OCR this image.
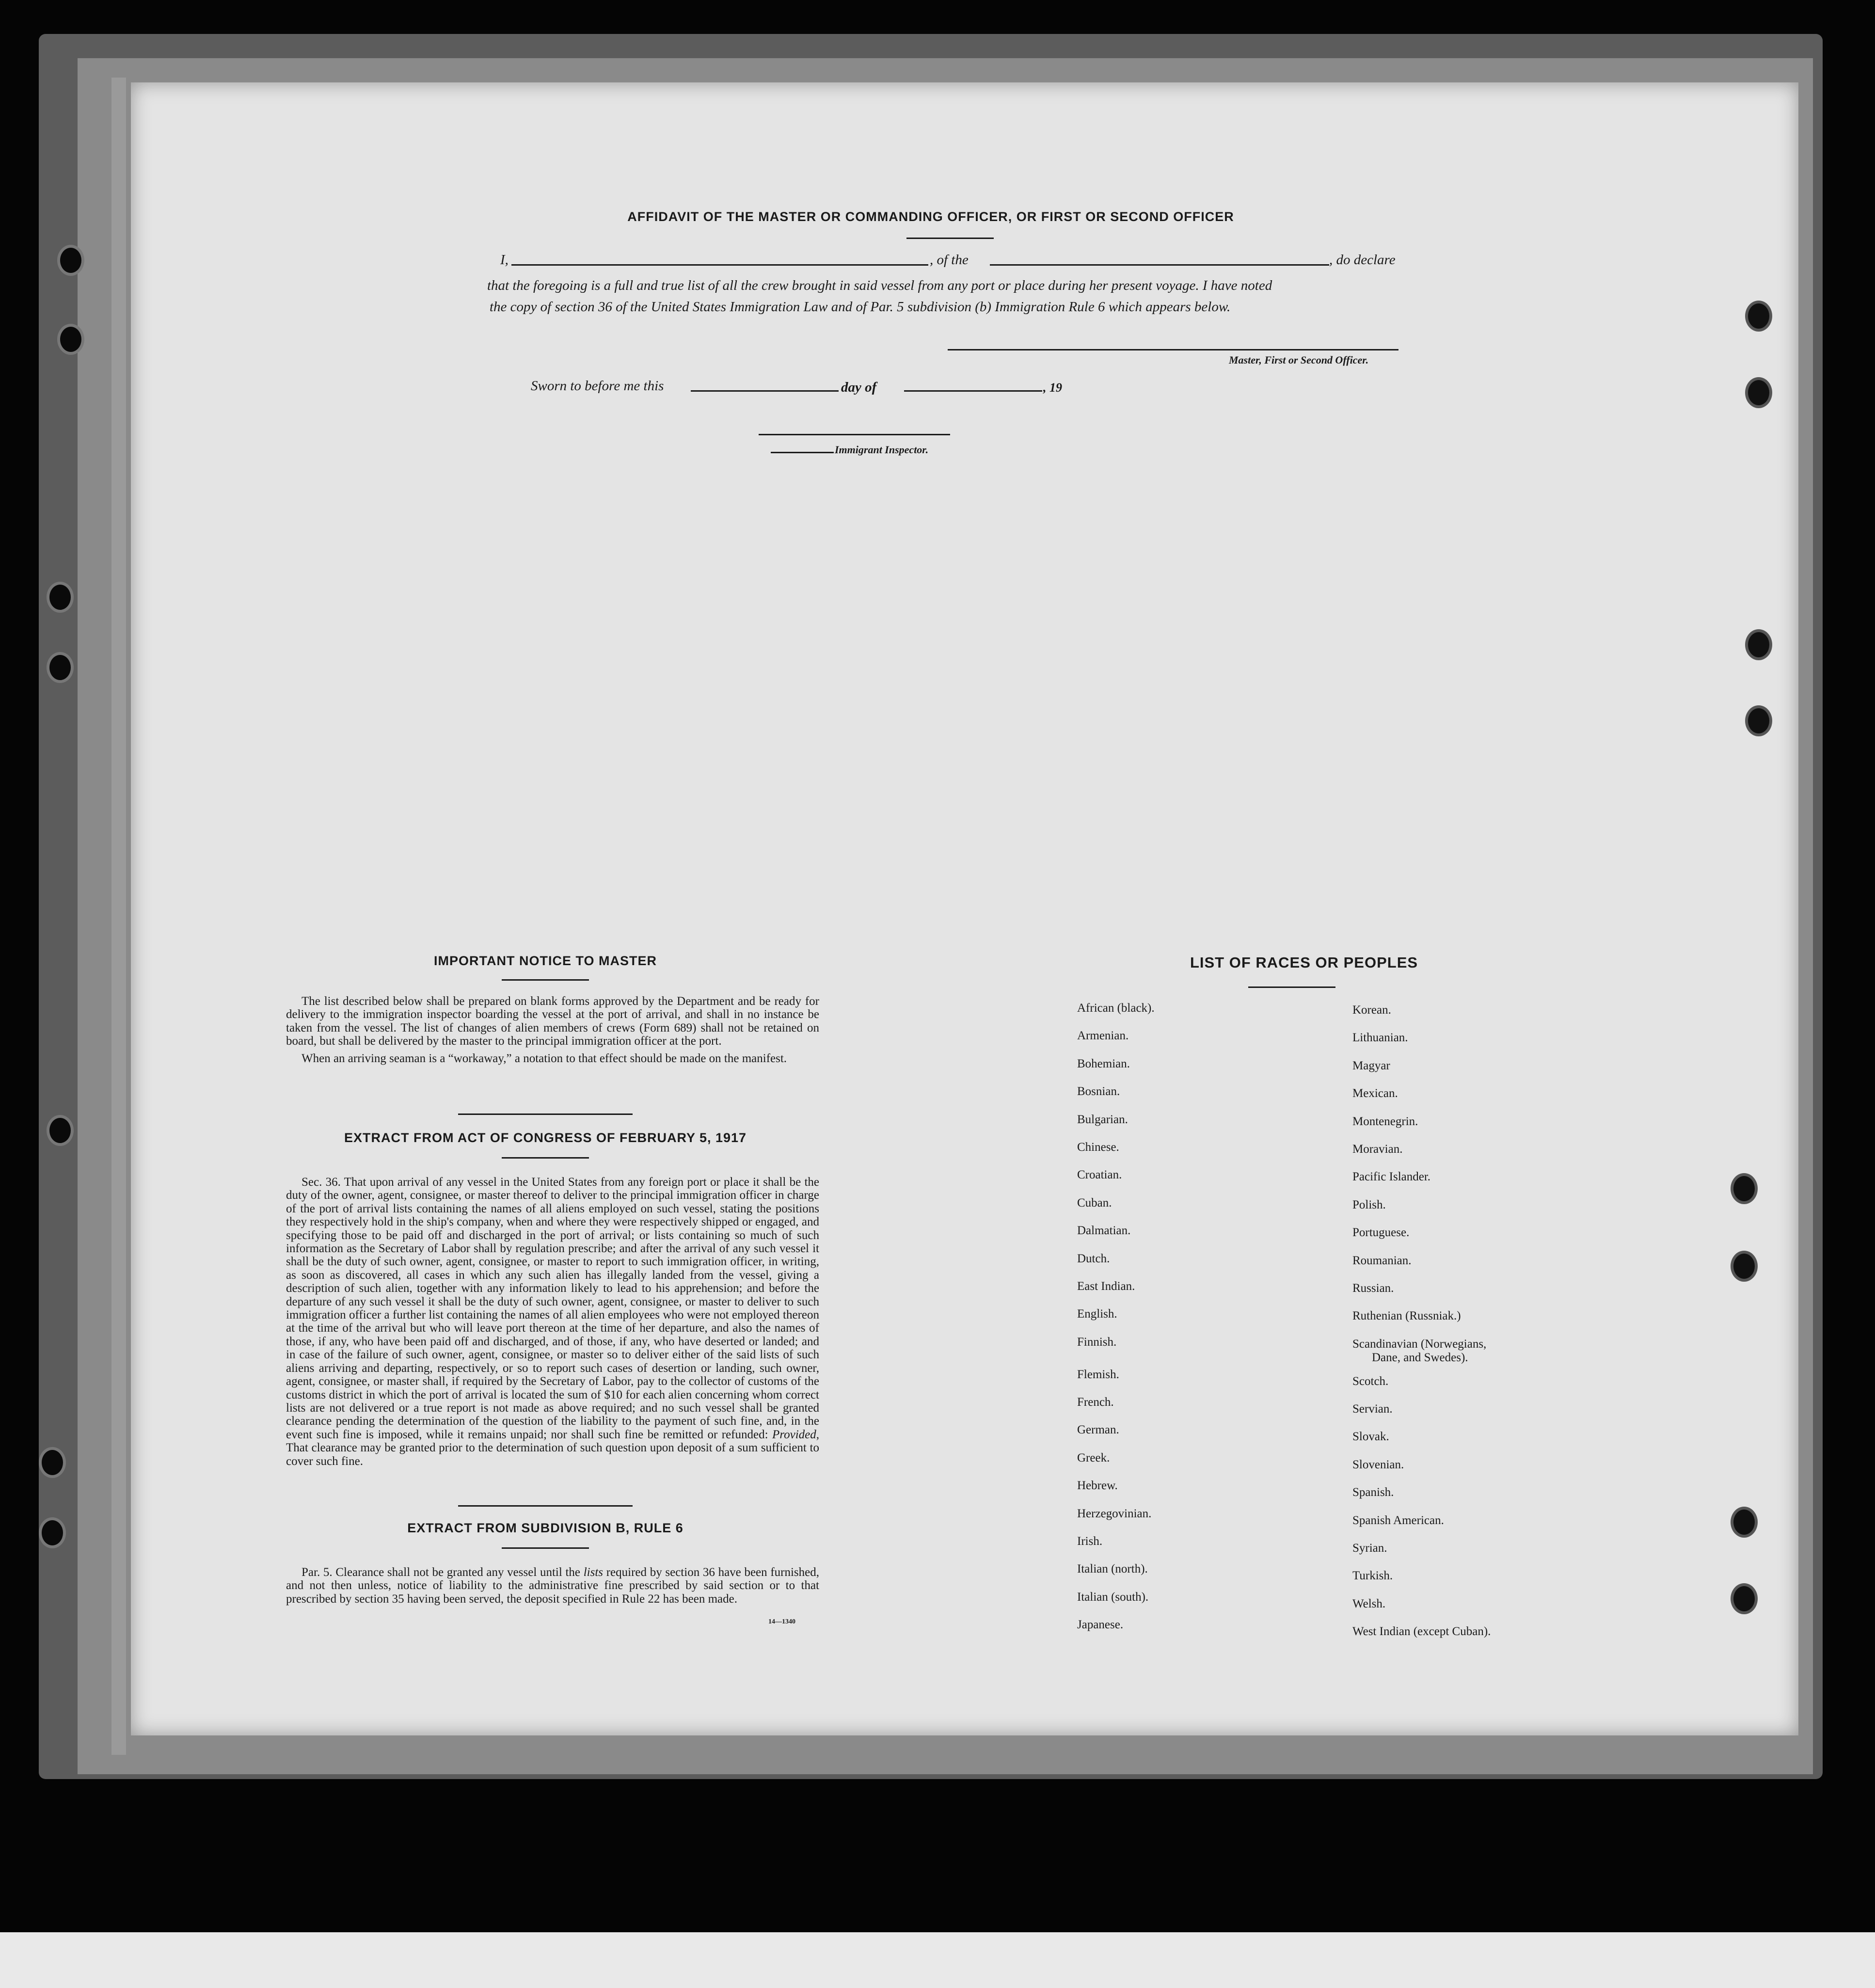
AFFIDAVIT OF THE MASTER OR COMMANDING OFFICER, OR FIRST OR SECOND OFFICER
I,	, of the	, do declare
that the foregoing is a full and true list of all the crew brought in said vessel from any port or place during her present voyage. I have noted
the copy of section 36 of the United States Immigration Law and of Par. 5 subdivision (b) Immigration Rule 6 which appears below.
Master, First or Second Officer.
Sworn to before me this	day of	, 19
Immigrant Inspector.
IMPORTANT NOTICE TO MASTER

The list described below shall be prepared on blank forms approved by the Department and be ready for delivery to the immigration inspector boarding the vessel at the port of arrival, and shall in no instance be taken from the vessel. The list of changes of alien members of crews (Form 689) shall not be retained on board, but shall be delivered by the master to the principal immigration officer at the port.

When an arriving seaman is a “workaway,” a notation to that effect should be made on the manifest.

EXTRACT FROM ACT OF CONGRESS OF FEBRUARY 5, 1917

Sec. 36. That upon arrival of any vessel in the United States from any foreign port or place it shall be the duty of the owner, agent, consignee, or master thereof to deliver to the principal immigration officer in charge of the port of arrival lists containing the names of all aliens employed on such vessel, stating the positions they respectively hold in the ship's company, when and where they were respectively shipped or engaged, and specifying those to be paid off and discharged in the port of arrival; or lists containing so much of such information as the Secretary of Labor shall by regulation prescribe; and after the arrival of any such vessel it shall be the duty of such owner, agent, consignee, or master to report to such immigration officer, in writing, as soon as discovered, all cases in which any such alien has illegally landed from the vessel, giving a description of such alien, together with any information likely to lead to his apprehension; and before the departure of any such vessel it shall be the duty of such owner, agent, consignee, or master to deliver to such immigration officer a further list containing the names of all alien employees who were not employed thereon at the time of the arrival but who will leave port thereon at the time of her departure, and also the names of those, if any, who have been paid off and discharged, and of those, if any, who have deserted or landed; and in case of the failure of such owner, agent, consignee, or master so to deliver either of the said lists of such aliens arriving and departing, respectively, or so to report such cases of desertion or landing, such owner, agent, consignee, or master shall, if required by the Secretary of Labor, pay to the collector of customs of the customs district in which the port of arrival is located the sum of $10 for each alien concerning whom correct lists are not delivered or a true report is not made as above required; and no such vessel shall be granted clearance pending the determination of the question of the liability to the payment of such fine, and, in the event such fine is imposed, while it remains unpaid; nor shall such fine be remitted or refunded: Provided, That clearance may be granted prior to the determination of such question upon deposit of a sum sufficient to cover such fine.

EXTRACT FROM SUBDIVISION B, RULE 6

Par. 5. Clearance shall not be granted any vessel until the lists required by section 36 have been furnished, and not then unless, notice of liability to the administrative fine prescribed by said section or to that prescribed by section 35 having been served, the deposit specified in Rule 22 has been made.

14—1340
LIST OF RACES OR PEOPLES
African (black).
Armenian.
Bohemian.
Bosnian.
Bulgarian.
Chinese.
Croatian.
Cuban.
Dalmatian.
Dutch.
East Indian.
English.
Finnish.
Flemish.
French.
German.
Greek.
Hebrew.
Herzegovinian.
Irish.
Italian (north).
Italian (south).
Japanese.
Korean.
Lithuanian.
Magyar
Mexican.
Montenegrin.
Moravian.
Pacific Islander.
Polish.
Portuguese.
Roumanian.
Russian.
Ruthenian (Russniak.)
Scandinavian (Norwegians,
Dane, and Swedes).
Scotch.
Servian.
Slovak.
Slovenian.
Spanish.
Spanish American.
Syrian.
Turkish.
Welsh.
West Indian (except Cuban).
